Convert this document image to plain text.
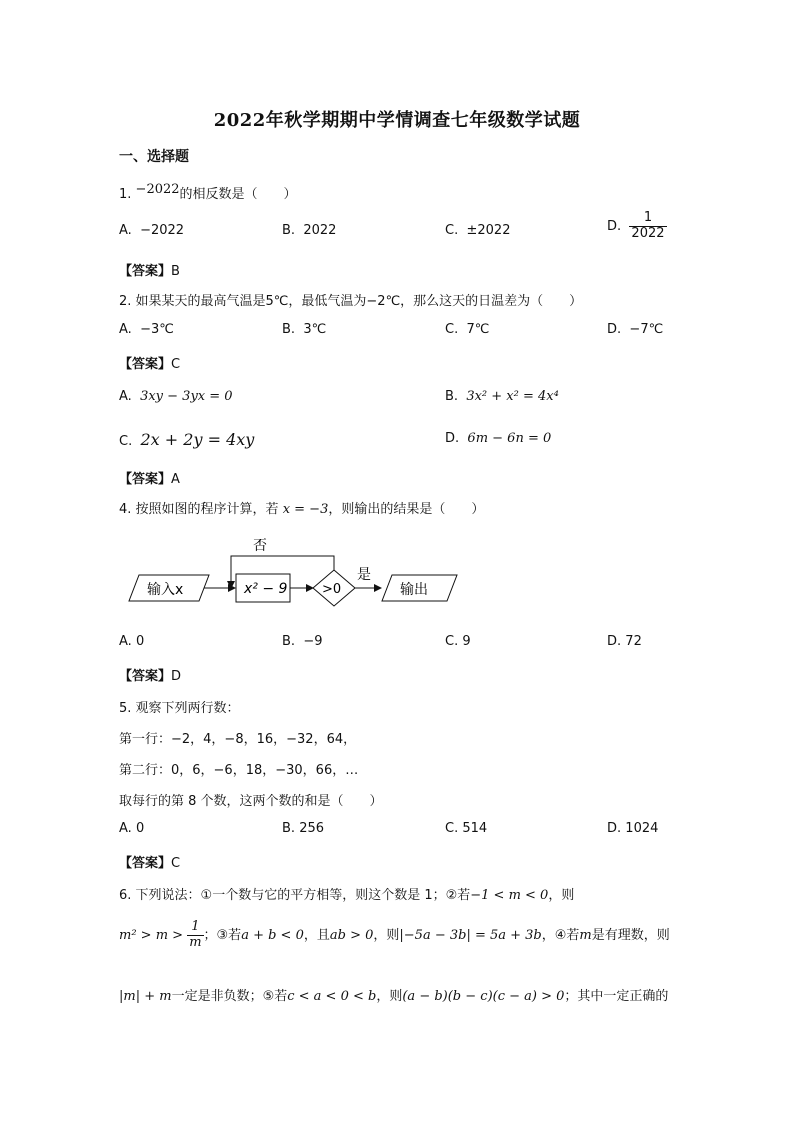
2022年秋学期期中学情调查七年级数学试题
一、选择题
1. −2022的相反数是（　　）
A. −2022	B. 2022	C. ±2022	D. $\frac{1}{2022}$
【答案】B
2. 如果某天的最高气温是5℃，最低气温为−2℃，那么这天的日温差为（　　）
A. −3℃	B. 3℃	C. 7℃	D. −7℃
【答案】C
A. 3xy − 3yx = 0	B. 3x² + x² = 4x⁴
C. 2x + 2y = 4xy	D. 6m − 6n = 0
【答案】A
4. 按照如图的程序计算，若 x = −3，则输出的结果是（　　）
输入x	x² − 9	>0
否
是
输出
A. 0	B. −9	C. 9	D. 72
【答案】D
5. 观察下列两行数：
第一行：−2，4，−8，16，−32，64，
第二行：0，6，−6，18，−30，66，…
取每行的第 8 个数，这两个数的和是（　　）
A. 0	B. 256	C. 514	D. 1024
【答案】C
6. 下列说法：①一个数与它的平方相等，则这个数是 1；②若−1 < m < 0，则
$m^2 > m > \frac{1}{m}$ ；③若a + b < 0，且ab > 0，则|−5a − 3b| = 5a + 3b，④若m是有理数，则
|m| + m一定是非负数；⑤若c < a < 0 < b，则(a − b)(b − c)(c − a) > 0；其中一定正确的
